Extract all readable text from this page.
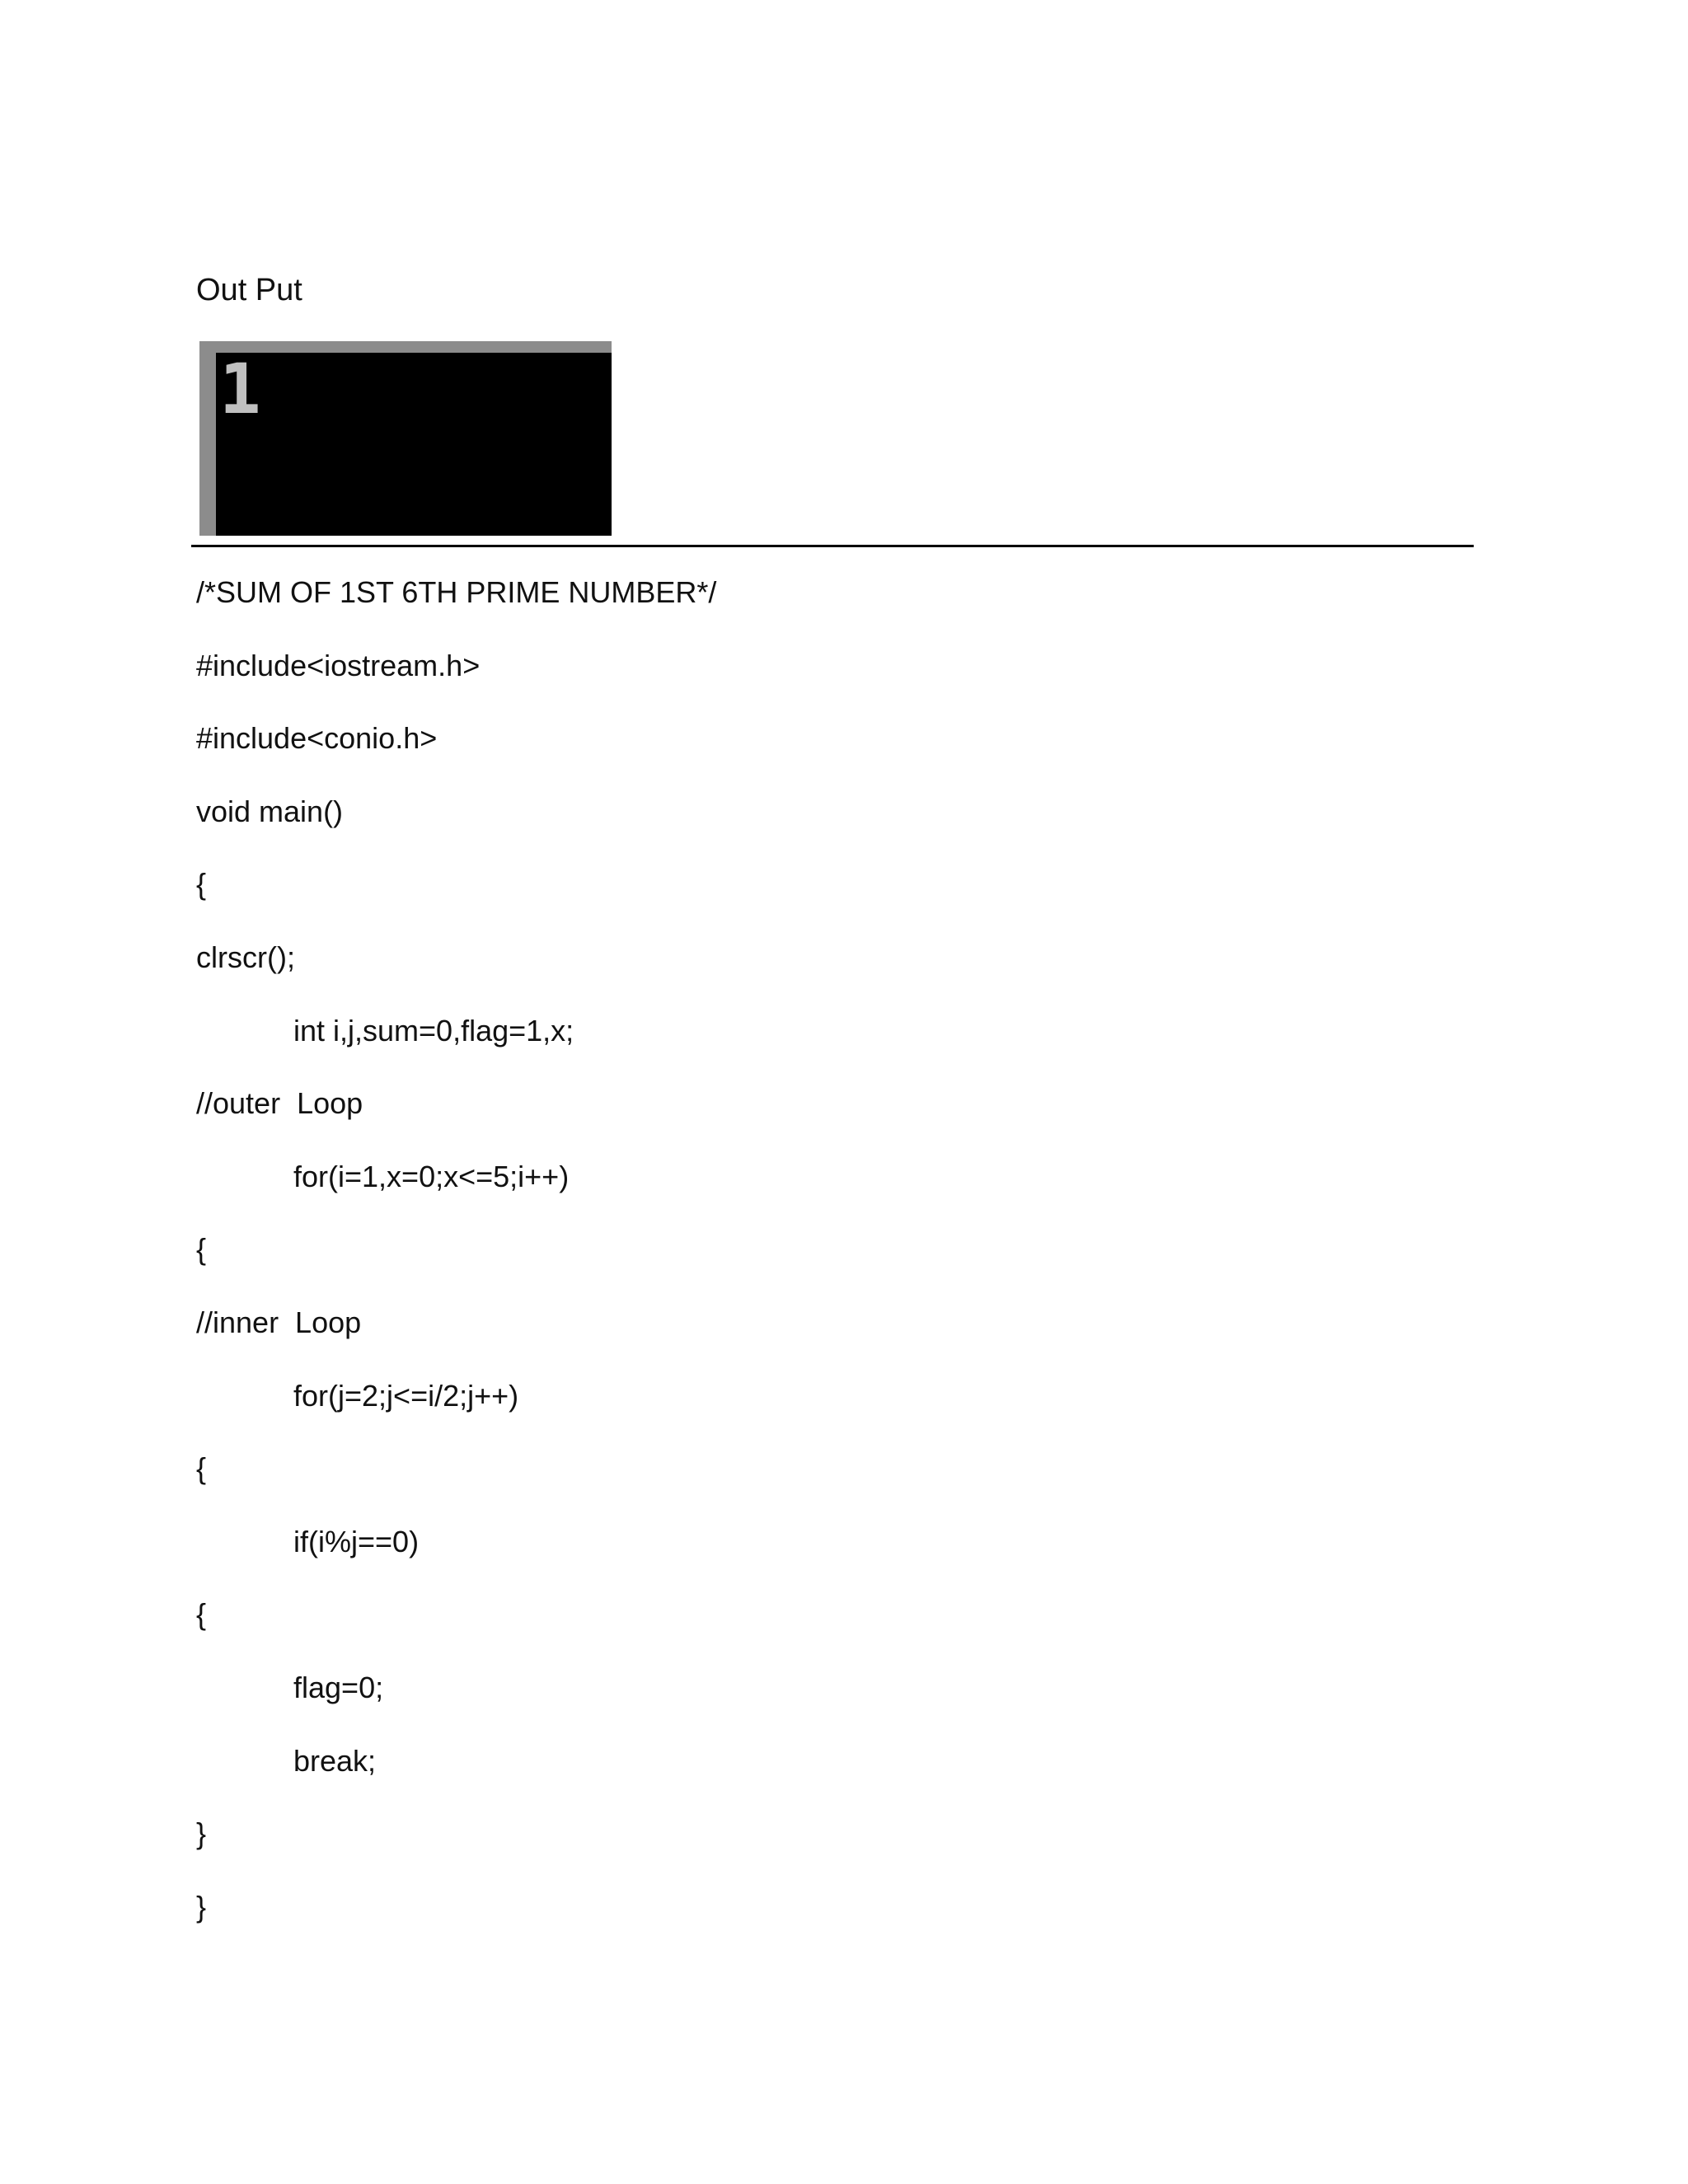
Out Put
1
/*SUM OF 1ST 6TH PRIME NUMBER*/
#include<iostream.h>
#include<conio.h>
void main()
{
clrscr();
int i,j,sum=0,flag=1,x;
//outer  Loop
for(i=1,x=0;x<=5;i++)
{
//inner  Loop
for(j=2;j<=i/2;j++)
{
if(i%j==0)
{
flag=0;
break;
}
}
